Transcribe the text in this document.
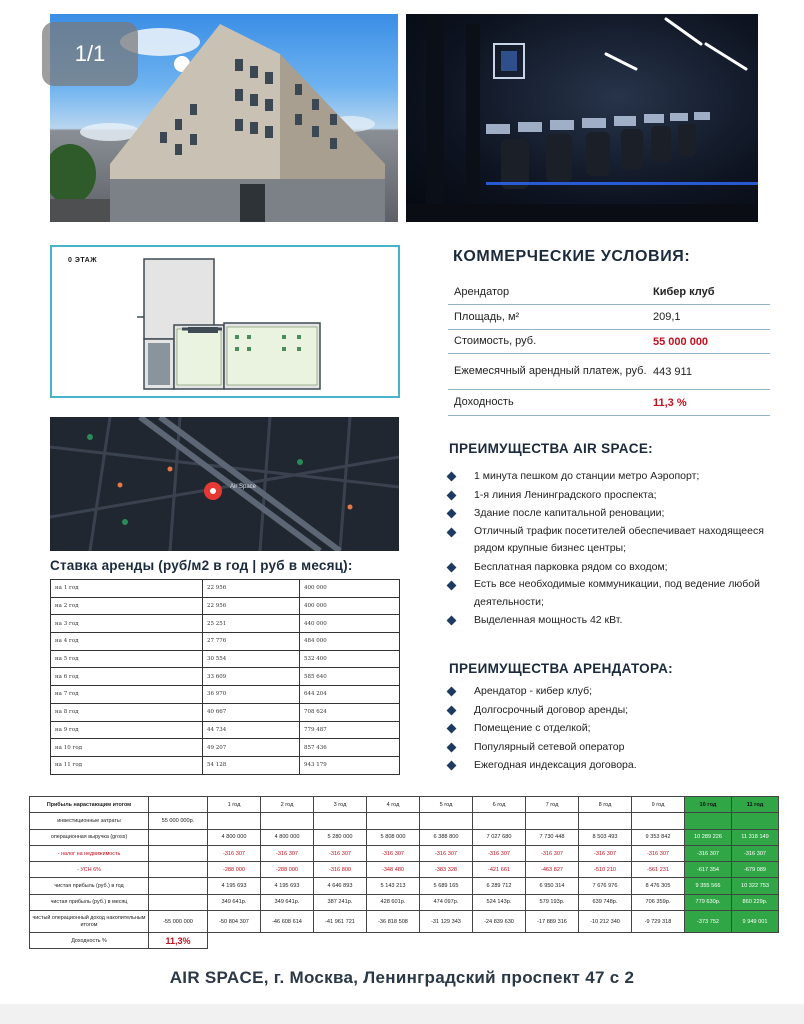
1/1
0 ЭТАЖ
Air Space
Ставка аренды (руб/м2 в год | руб в месяц):
на 1 год	22 956	400 000
на 2 год	22 956	400 000
на 3 год	25 251	440 000
на 4 год	27 776	484 000
на 5 год	30 554	532 400
на 6 год	33 609	585 640
на 7 год	36 970	644 204
на 8 год	40 667	708 624
на 9 год	44 734	779 487
на 10 год	49 207	857 436
на 11 год	54 128	943 179
КОММЕРЧЕСКИЕ УСЛОВИЯ:
Арендатор	Кибер клуб
Площадь, м²	209,1
Стоимость, руб.	55 000 000
Ежемесячный арендный платеж, руб. 443 911
Доходность	11,3 %
ПРЕИМУЩЕСТВА AIR SPACE:
1 минута пешком до станции метро Аэропорт;
1-я линия Ленинградского проспекта;
Здание после капитальной реновации;
Отличный трафик посетителей обеспечивает находящееся рядом крупные бизнес центры;
Бесплатная парковка рядом со входом;
Есть все необходимые коммуникации, под ведение любой деятельности;
Выделенная мощность 42 кВт.
ПРЕИМУЩЕСТВА АРЕНДАТОРА:
Арендатор - кибер клуб;
Долгосрочный договор аренды;
Помещение с отделкой;
Популярный сетевой оператор
Ежегодная индексация договора.
Прибыль нарастающим итогом		1 год	2 год	3 год	4 год	5 год	6 год	7 год	8 год	9 год	10 год	11 год
инвестиционные затраты	55 000 000р.											
операционная выручка (gross)		4 800 000	4 800 000	5 280 000	5 808 000	6 388 800	7 027 680	7 730 448	8 503 493	9 353 842	10 289 226	11 318 149
- налог на недвижимость		-316 307	-316 307	-316 307	-316 307	-316 307	-316 307	-316 307	-316 307	-316 307	-316 307	-316 307
- УСН 6%		-288 000	-288 000	-316 800	-348 480	-383 328	-421 661	-463 827	-510 210	-561 231	-617 354	-679 089
чистая прибыль (руб.) в год		4 195 693	4 195 693	4 646 893	5 143 213	5 689 165	6 289 712	6 950 314	7 676 976	8 476 305	9 355 566	10 322 753
чистая прибыль (руб.) в месяц		349 641р.	349 641р.	387 241р.	428 601р.	474 097р.	524 143р.	579 193р.	639 748р.	706 359р.	779 630р.	860 229р.
чистый операционный доход накопительным итогом	-55 000 000	-50 804 307	-46 608 614	-41 961 721	-36 818 508	-31 129 343	-24 839 630	-17 889 316	-10 212 340	-9 729 318	-373 752	9 949 001
Доходность %	11,3%											
AIR SPACE, г. Москва, Ленинградский проспект 47 с 2
